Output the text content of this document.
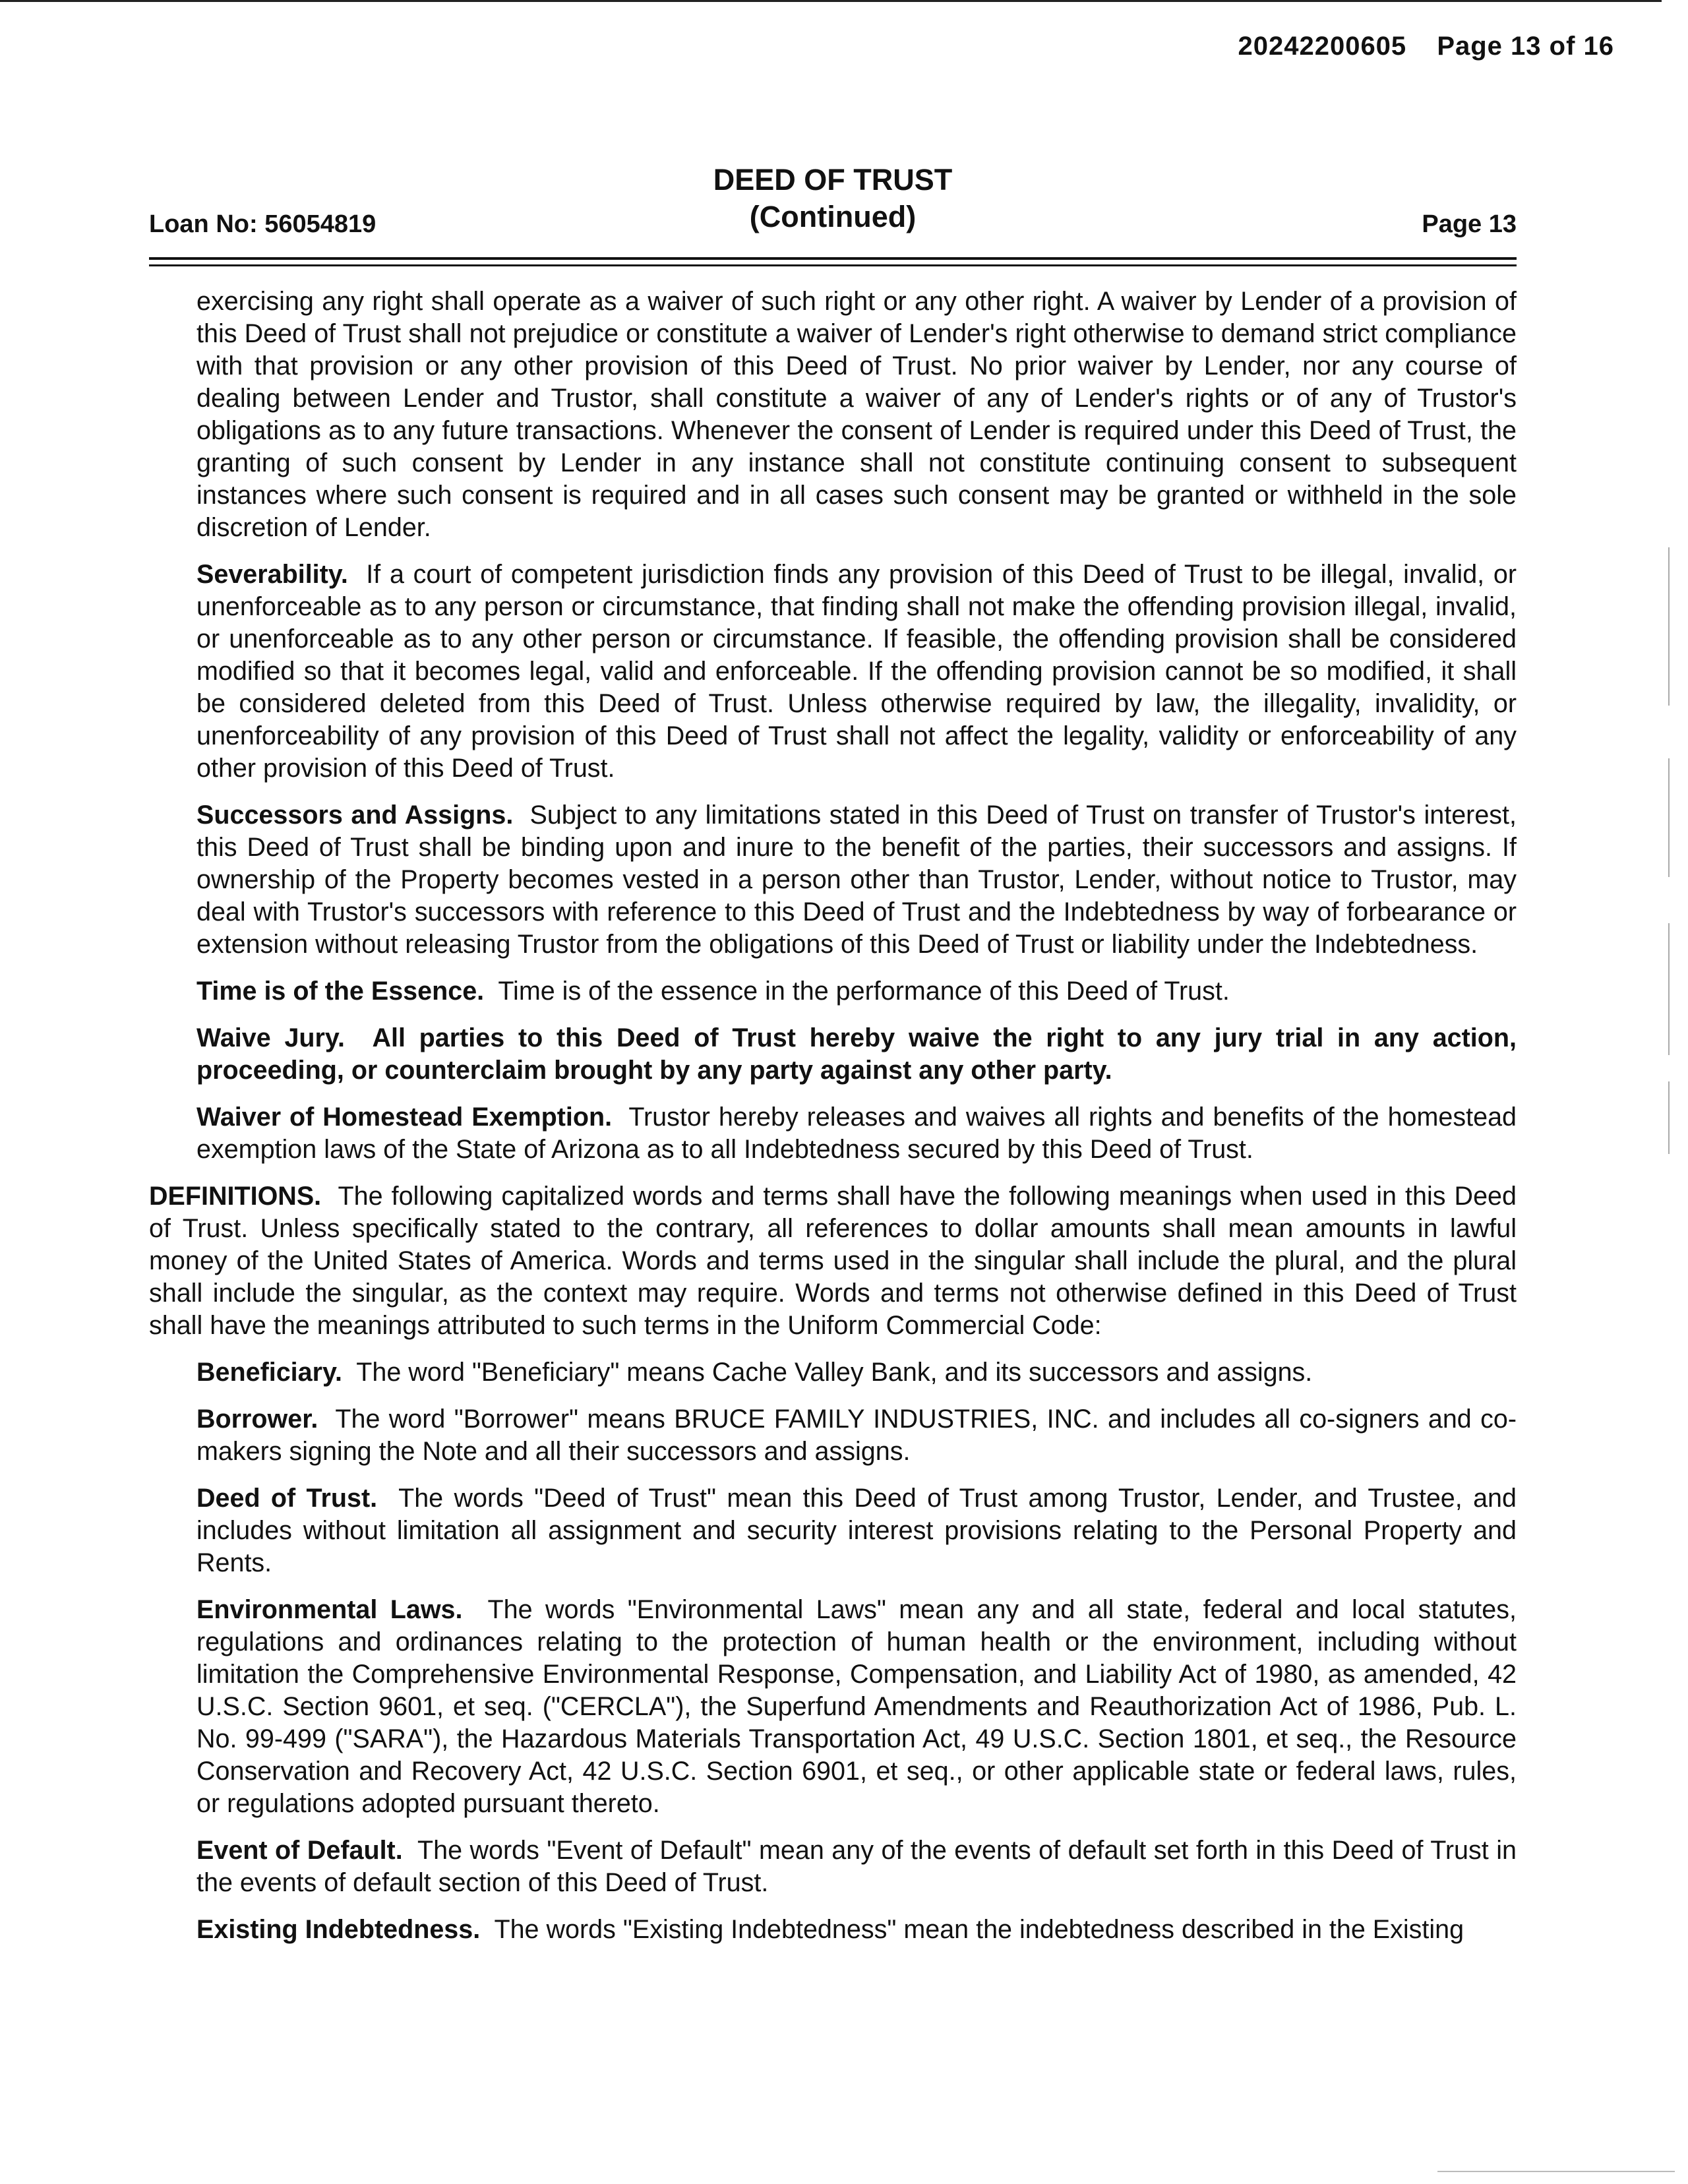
20242200605 Page 13 of 16
Loan No: 56054819
DEED OF TRUST
(Continued)	Page 13

exercising any right shall operate as a waiver of such right or any other right. A waiver by Lender of a provision of this Deed of Trust shall not prejudice or constitute a waiver of Lender's right otherwise to demand strict compliance with that provision or any other provision of this Deed of Trust. No prior waiver by Lender, nor any course of dealing between Lender and Trustor, shall constitute a waiver of any of Lender's rights or of any of Trustor's obligations as to any future transactions. Whenever the consent of Lender is required under this Deed of Trust, the granting of such consent by Lender in any instance shall not constitute continuing consent to subsequent instances where such consent is required and in all cases such consent may be granted or withheld in the sole discretion of Lender.

Severability. If a court of competent jurisdiction finds any provision of this Deed of Trust to be illegal, invalid, or unenforceable as to any person or circumstance, that finding shall not make the offending provision illegal, invalid, or unenforceable as to any other person or circumstance. If feasible, the offending provision shall be considered modified so that it becomes legal, valid and enforceable. If the offending provision cannot be so modified, it shall be considered deleted from this Deed of Trust. Unless otherwise required by law, the illegality, invalidity, or unenforceability of any provision of this Deed of Trust shall not affect the legality, validity or enforceability of any other provision of this Deed of Trust.

Successors and Assigns. Subject to any limitations stated in this Deed of Trust on transfer of Trustor's interest, this Deed of Trust shall be binding upon and inure to the benefit of the parties, their successors and assigns. If ownership of the Property becomes vested in a person other than Trustor, Lender, without notice to Trustor, may deal with Trustor's successors with reference to this Deed of Trust and the Indebtedness by way of forbearance or extension without releasing Trustor from the obligations of this Deed of Trust or liability under the Indebtedness.

Time is of the Essence. Time is of the essence in the performance of this Deed of Trust.

Waive Jury. All parties to this Deed of Trust hereby waive the right to any jury trial in any action, proceeding, or counterclaim brought by any party against any other party.

Waiver of Homestead Exemption. Trustor hereby releases and waives all rights and benefits of the homestead exemption laws of the State of Arizona as to all Indebtedness secured by this Deed of Trust.

DEFINITIONS. The following capitalized words and terms shall have the following meanings when used in this Deed of Trust. Unless specifically stated to the contrary, all references to dollar amounts shall mean amounts in lawful money of the United States of America. Words and terms used in the singular shall include the plural, and the plural shall include the singular, as the context may require. Words and terms not otherwise defined in this Deed of Trust shall have the meanings attributed to such terms in the Uniform Commercial Code:

Beneficiary. The word "Beneficiary" means Cache Valley Bank, and its successors and assigns.

Borrower. The word "Borrower" means BRUCE FAMILY INDUSTRIES, INC. and includes all co-signers and co-makers signing the Note and all their successors and assigns.

Deed of Trust. The words "Deed of Trust" mean this Deed of Trust among Trustor, Lender, and Trustee, and includes without limitation all assignment and security interest provisions relating to the Personal Property and Rents.

Environmental Laws. The words "Environmental Laws" mean any and all state, federal and local statutes, regulations and ordinances relating to the protection of human health or the environment, including without limitation the Comprehensive Environmental Response, Compensation, and Liability Act of 1980, as amended, 42 U.S.C. Section 9601, et seq. ("CERCLA"), the Superfund Amendments and Reauthorization Act of 1986, Pub. L. No. 99-499 ("SARA"), the Hazardous Materials Transportation Act, 49 U.S.C. Section 1801, et seq., the Resource Conservation and Recovery Act, 42 U.S.C. Section 6901, et seq., or other applicable state or federal laws, rules, or regulations adopted pursuant thereto.

Event of Default. The words "Event of Default" mean any of the events of default set forth in this Deed of Trust in the events of default section of this Deed of Trust.

Existing Indebtedness. The words "Existing Indebtedness" mean the indebtedness described in the Existing
